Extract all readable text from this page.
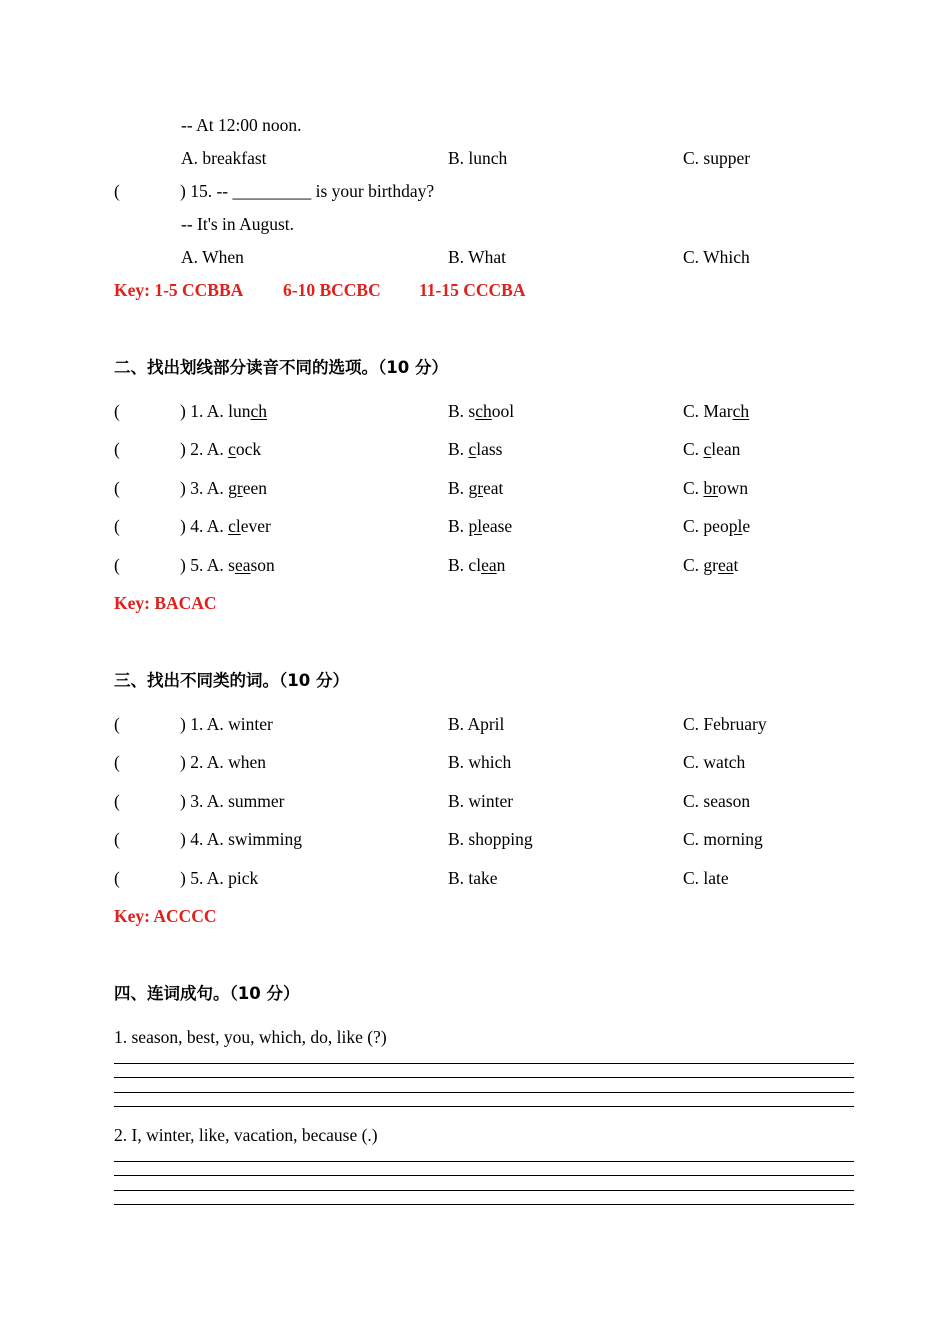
-- At 12:00 noon.
A. breakfast	B. lunch	C. supper
(	) 15. -- _________ is your birthday?
-- It's in August.
A. When	B. What	C. Which
Key: 1-5 CCBBA 6-10 BCCBC 11-15 CCCBA
二、找出划线部分读音不同的选项。（10 分）
(	) 1. A. lunch	B. school	C. March
(	) 2. A. cock	B. class	C. clean
(	) 3. A. green	B. great	C. brown
(	) 4. A. clever	B. please	C. people
(	) 5. A. season	B. clean	C. great
Key: BACAC
三、找出不同类的词。（10 分）
(	) 1. A. winter	B. April	C. February
(	) 2. A. when	B. which	C. watch
(	) 3. A. summer	B. winter	C. season
(	) 4. A. swimming	B. shopping	C. morning
(	) 5. A. pick	B. take	C. late
Key: ACCCC
四、连词成句。（10 分）
1. season, best, you, which, do, like (?)
2. I, winter, like, vacation, because (.)
